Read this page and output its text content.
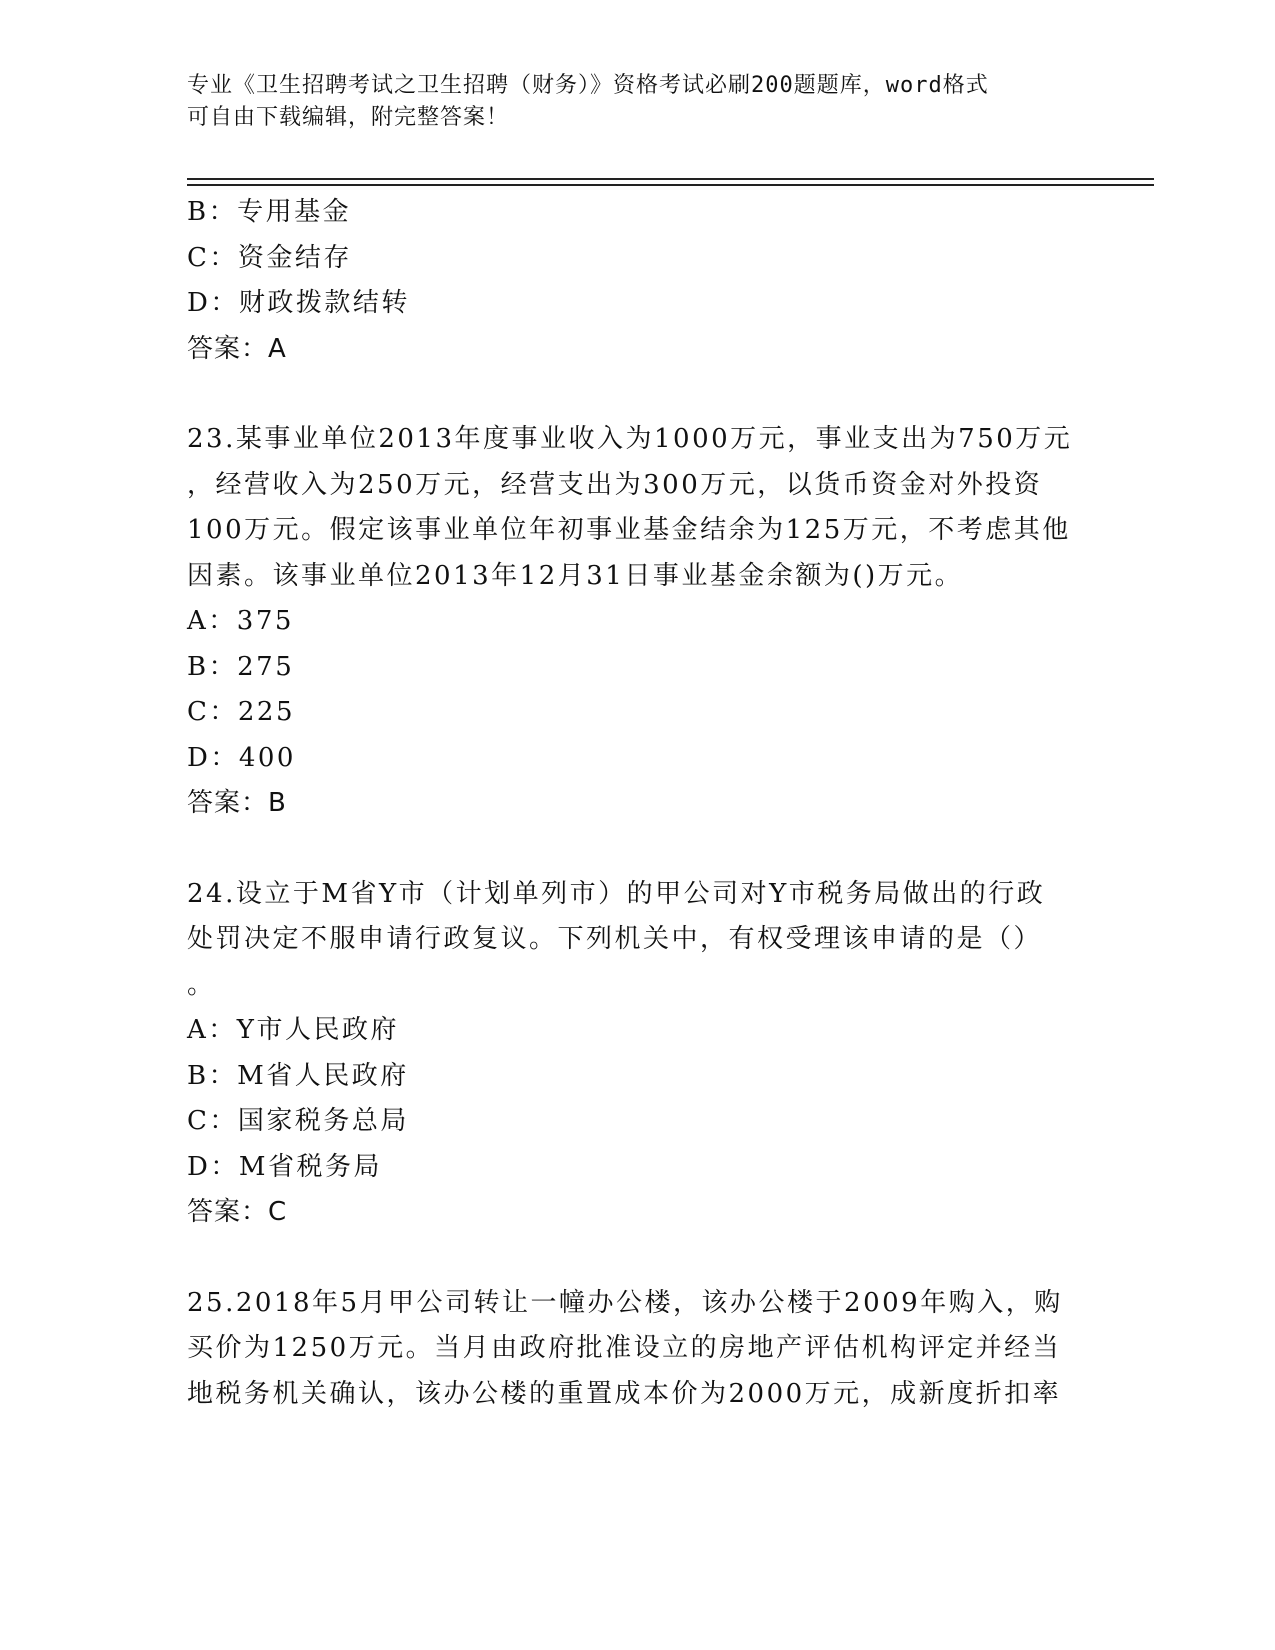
专业《卫生招聘考试之卫生招聘（财务）》资格考试必刷200题题库，word格式
可自由下载编辑，附完整答案！
B：专用基金
C：资金结存
D：财政拨款结转
答案：A
23.某事业单位2013年度事业收入为1000万元，事业支出为750万元
，经营收入为250万元，经营支出为300万元，以货币资金对外投资
100万元。假定该事业单位年初事业基金结余为125万元，不考虑其他
因素。该事业单位2013年12月31日事业基金余额为()万元。
A：375
B：275
C：225
D：400
答案：B
24.设立于M省Y市（计划单列市）的甲公司对Y市税务局做出的行政
处罚决定不服申请行政复议。下列机关中，有权受理该申请的是（）
。
A：Y市人民政府
B：M省人民政府
C：国家税务总局
D：M省税务局
答案：C
25.2018年5月甲公司转让一幢办公楼，该办公楼于2009年购入，购
买价为1250万元。当月由政府批准设立的房地产评估机构评定并经当
地税务机关确认，该办公楼的重置成本价为2000万元，成新度折扣率
